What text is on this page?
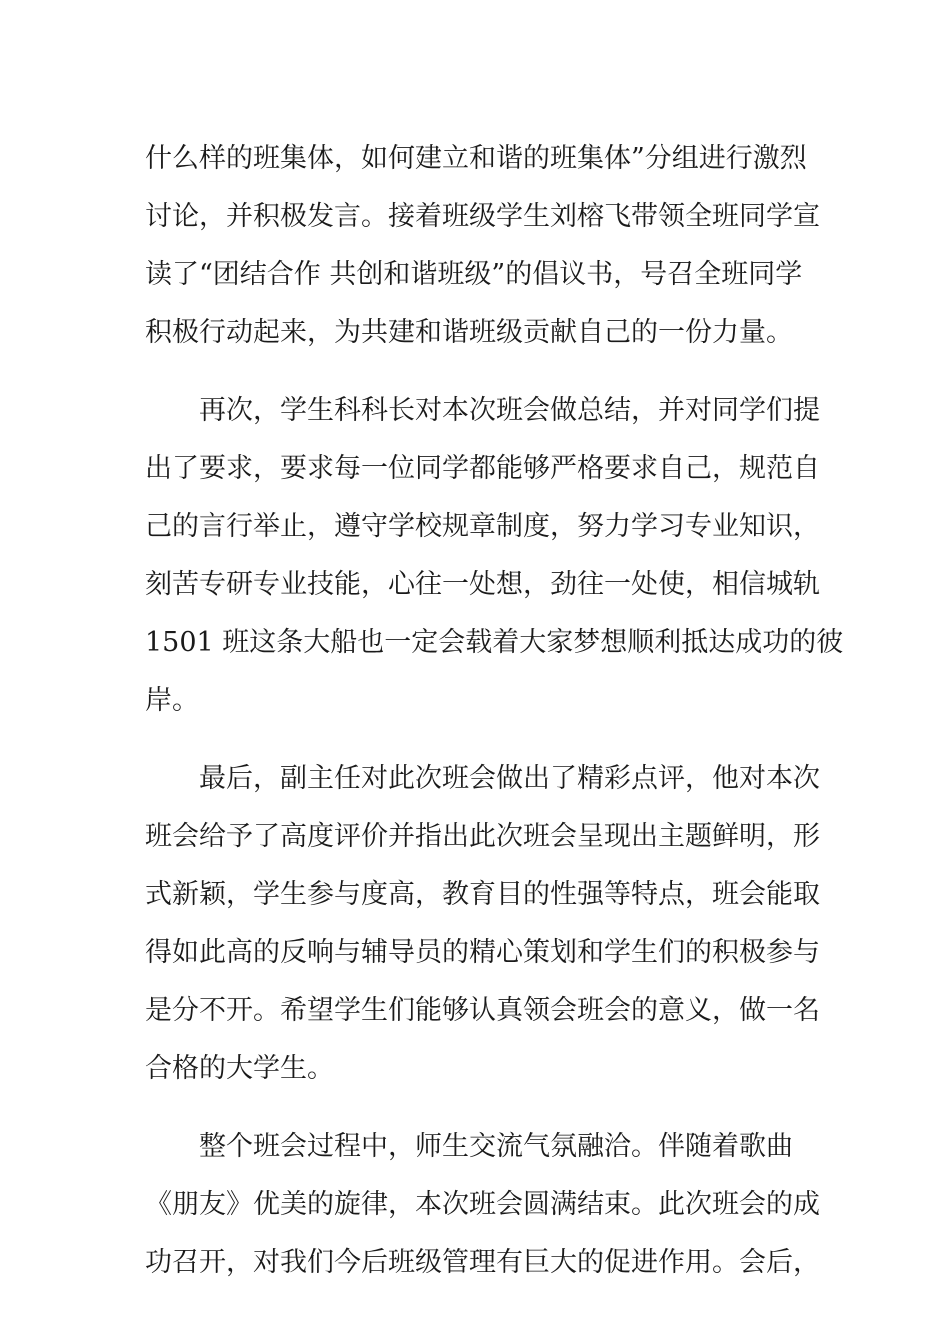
什么样的班集体，如何建立和谐的班集体”分组进行激烈
讨论，并积极发言。接着班级学生刘榕飞带领全班同学宣
读了“团结合作 共创和谐班级”的倡议书，号召全班同学
积极行动起来，为共建和谐班级贡献自己的一份力量。
再次，学生科科长对本次班会做总结，并对同学们提
出了要求，要求每一位同学都能够严格要求自己，规范自
己的言行举止，遵守学校规章制度，努力学习专业知识，
刻苦专研专业技能，心往一处想，劲往一处使，相信城轨
1501 班这条大船也一定会载着大家梦想顺利抵达成功的彼
岸。
最后，副主任对此次班会做出了精彩点评，他对本次
班会给予了高度评价并指出此次班会呈现出主题鲜明，形
式新颖，学生参与度高，教育目的性强等特点，班会能取
得如此高的反响与辅导员的精心策划和学生们的积极参与
是分不开。希望学生们能够认真领会班会的意义，做一名
合格的大学生。
整个班会过程中，师生交流气氛融洽。伴随着歌曲
《朋友》优美的旋律，本次班会圆满结束。此次班会的成
功召开，对我们今后班级管理有巨大的促进作用。会后，
